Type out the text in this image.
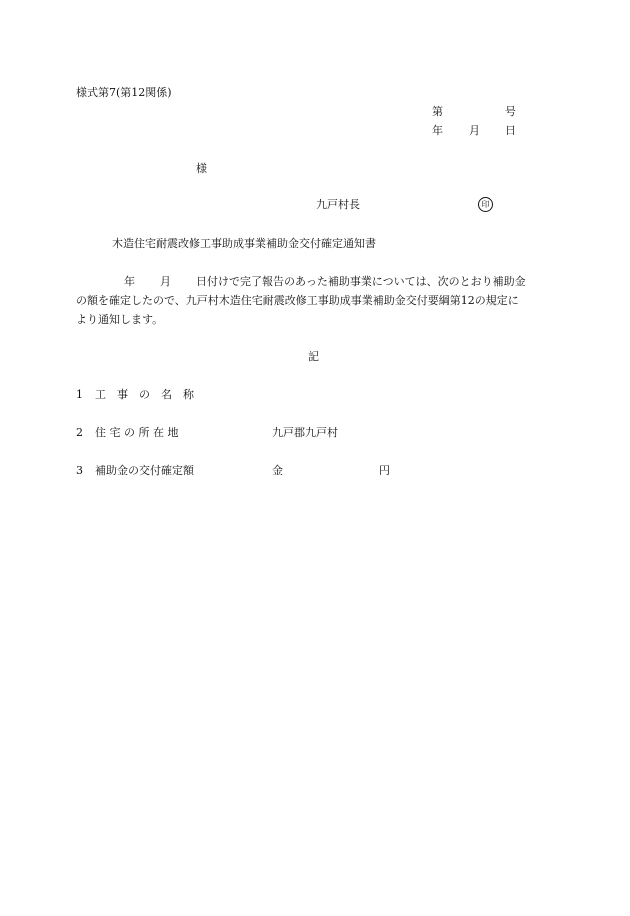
様式第7(第12関係)
第	号
年 月 日
様
九戸村長	印
木造住宅耐震改修工事助成事業補助金交付確定通知書
年 月 日付けで完了報告のあった補助事業については、次のとおり補助金
の額を確定したので、九戸村木造住宅耐震改修工事助成事業補助金交付要綱第12の規定に
より通知します。
記
1 工　事　の　名　称
2 住 宅 の 所 在 地	九戸郡九戸村
3 補助金の交付確定額	金	円
